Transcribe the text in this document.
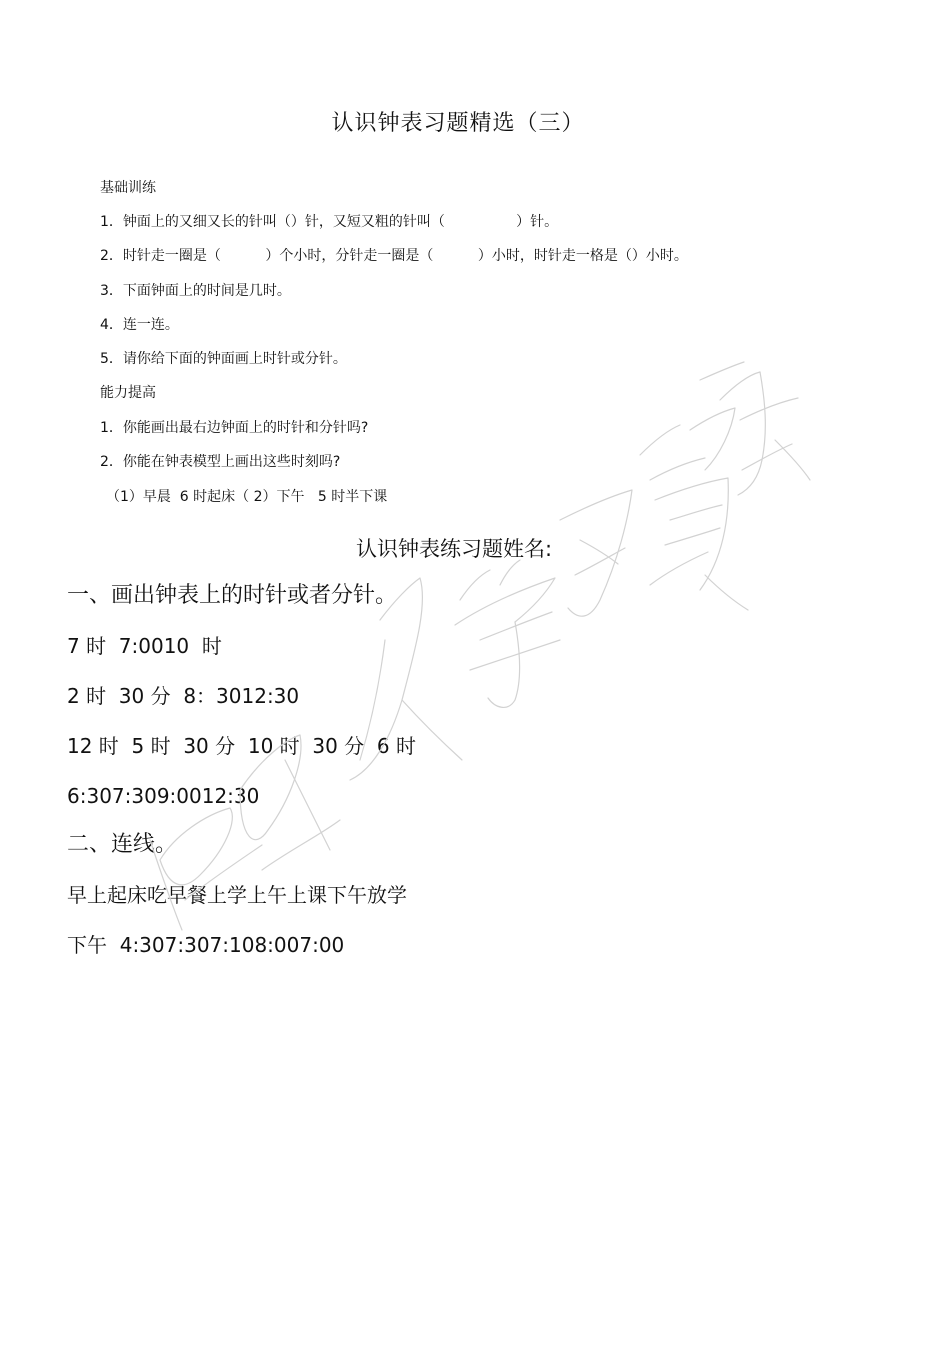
认识钟表习题精选（三）
基础训练
1．钟面上的又细又长的针叫（）针，又短又粗的针叫（                ）针。
2．时针走一圈是（          ）个小时，分针走一圈是（          ）小时，时针走一格是（）小时。
3．下面钟面上的时间是几时。
4．连一连。
5．请你给下面的钟面画上时针或分针。
能力提高
1．你能画出最右边钟面上的时针和分针吗?
2．你能在钟表模型上画出这些时刻吗?
（1）早晨  6 时起床（ 2）下午   5 时半下课
认识钟表练习题姓名:
一、画出钟表上的时针或者分针。
7 时  7:0010  时
2 时  30 分  8：3012:30
12 时  5 时  30 分  10 时  30 分  6 时
6:307:309:0012:30
二、连线。
早上起床吃早餐上学上午上课下午放学
下午  4:307:307:108:007:00
